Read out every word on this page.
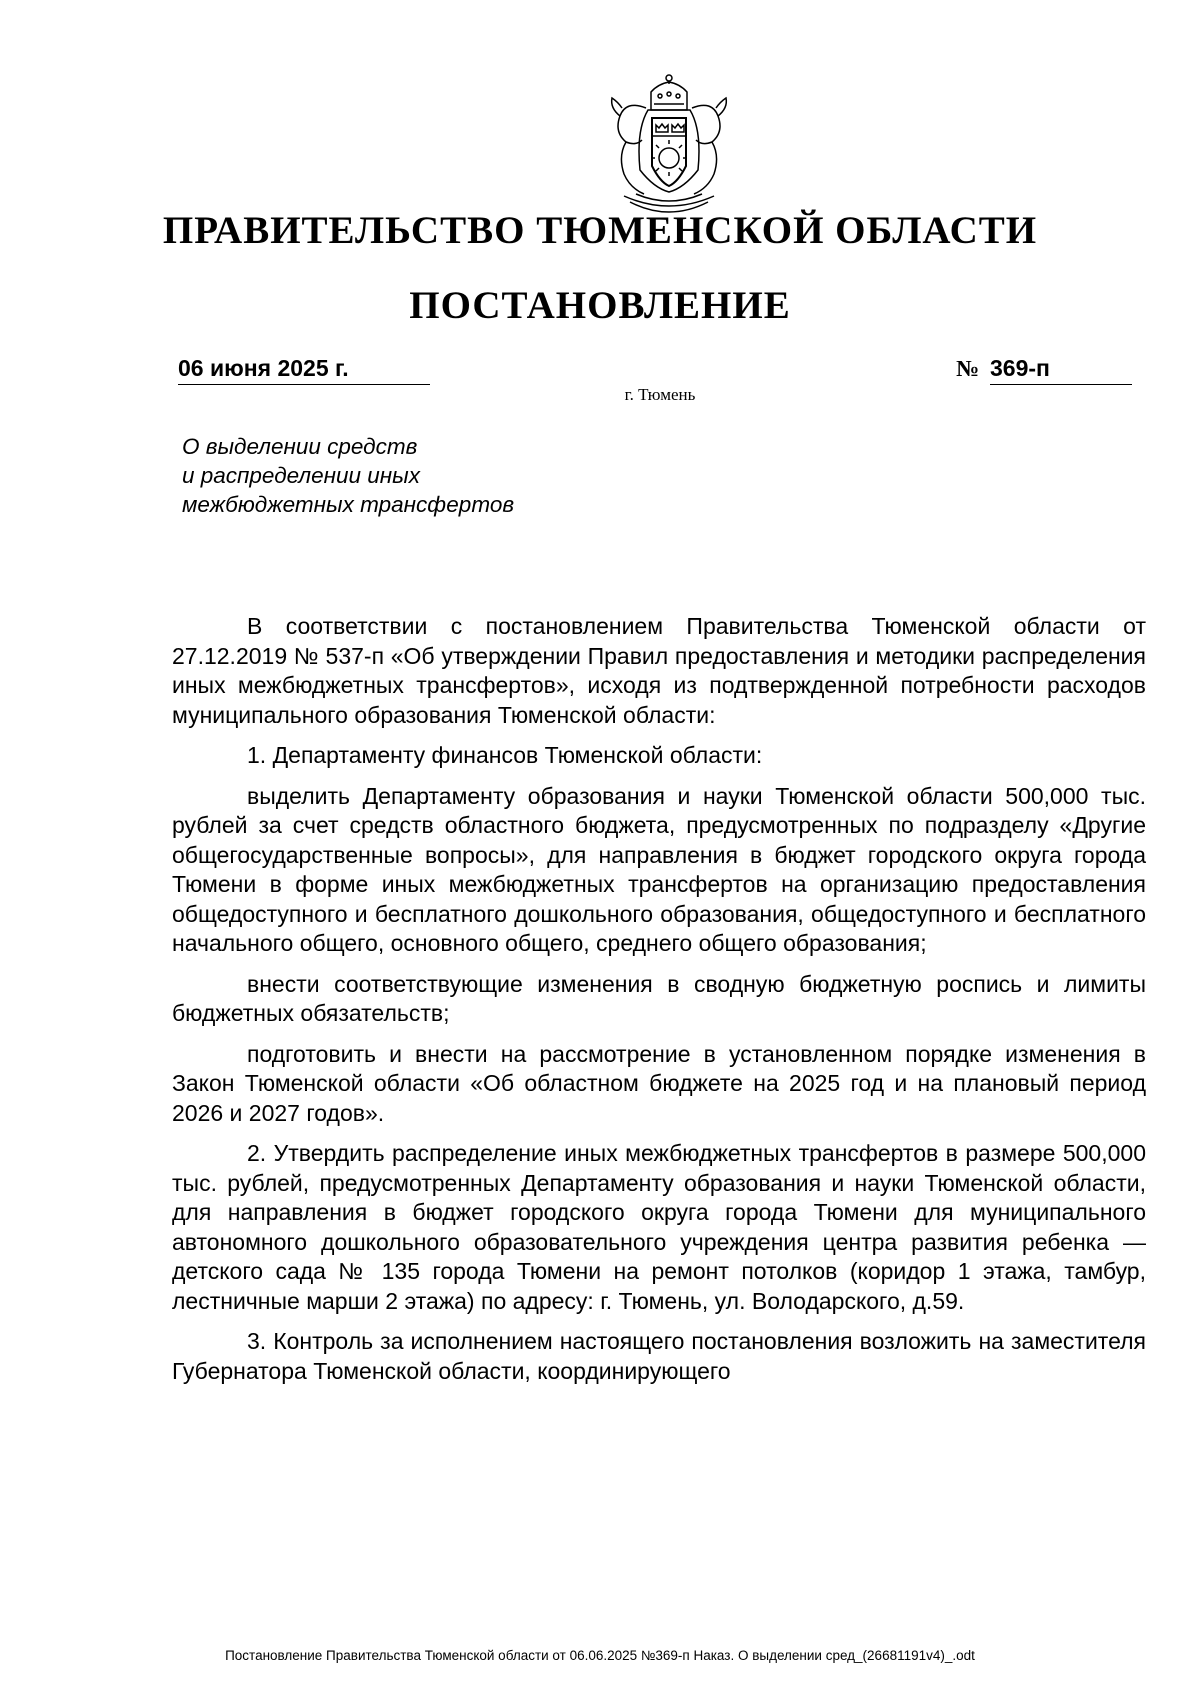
ПРАВИТЕЛЬСТВО ТЮМЕНСКОЙ ОБЛАСТИ
ПОСТАНОВЛЕНИЕ
06 июня 2025 г.	№ 369-п
г. Тюмень
О выделении средств
и распределении иных
межбюджетных трансфертов

В соответствии с постановлением Правительства Тюменской области от 27.12.2019 № 537-п «Об утверждении Правил предоставления и методики распределения иных межбюджетных трансфертов», исходя из подтвержденной потребности расходов муниципального образования Тюменской области:

1. Департаменту финансов Тюменской области:

выделить Департаменту образования и науки Тюменской области 500,000 тыс. рублей за счет средств областного бюджета, предусмотренных по подразделу «Другие общегосударственные вопросы», для направления в бюджет городского округа города Тюмени в форме иных межбюджетных трансфертов на организацию предоставления общедоступного и бесплатного дошкольного образования, общедоступного и бесплатного начального общего, основного общего, среднего общего образования;

внести соответствующие изменения в сводную бюджетную роспись и лимиты бюджетных обязательств;

подготовить и внести на рассмотрение в установленном порядке изменения в Закон Тюменской области «Об областном бюджете на 2025 год и на плановый период 2026 и 2027 годов».

2. Утвердить распределение иных межбюджетных трансфертов в размере 500,000 тыс. рублей, предусмотренных Департаменту образования и науки Тюменской области, для направления в бюджет городского округа города Тюмени для муниципального автономного дошкольного образовательного учреждения центра развития ребенка — детского сада № 135 города Тюмени на ремонт потолков (коридор 1 этажа, тамбур, лестничные марши 2 этажа) по адресу: г. Тюмень, ул. Володарского, д.59.

3. Контроль за исполнением настоящего постановления возложить на заместителя Губернатора Тюменской области, координирующего

Постановление Правительства Тюменской области от 06.06.2025 №369-п Наказ. О выделении сред_(26681191v4)_.odt
